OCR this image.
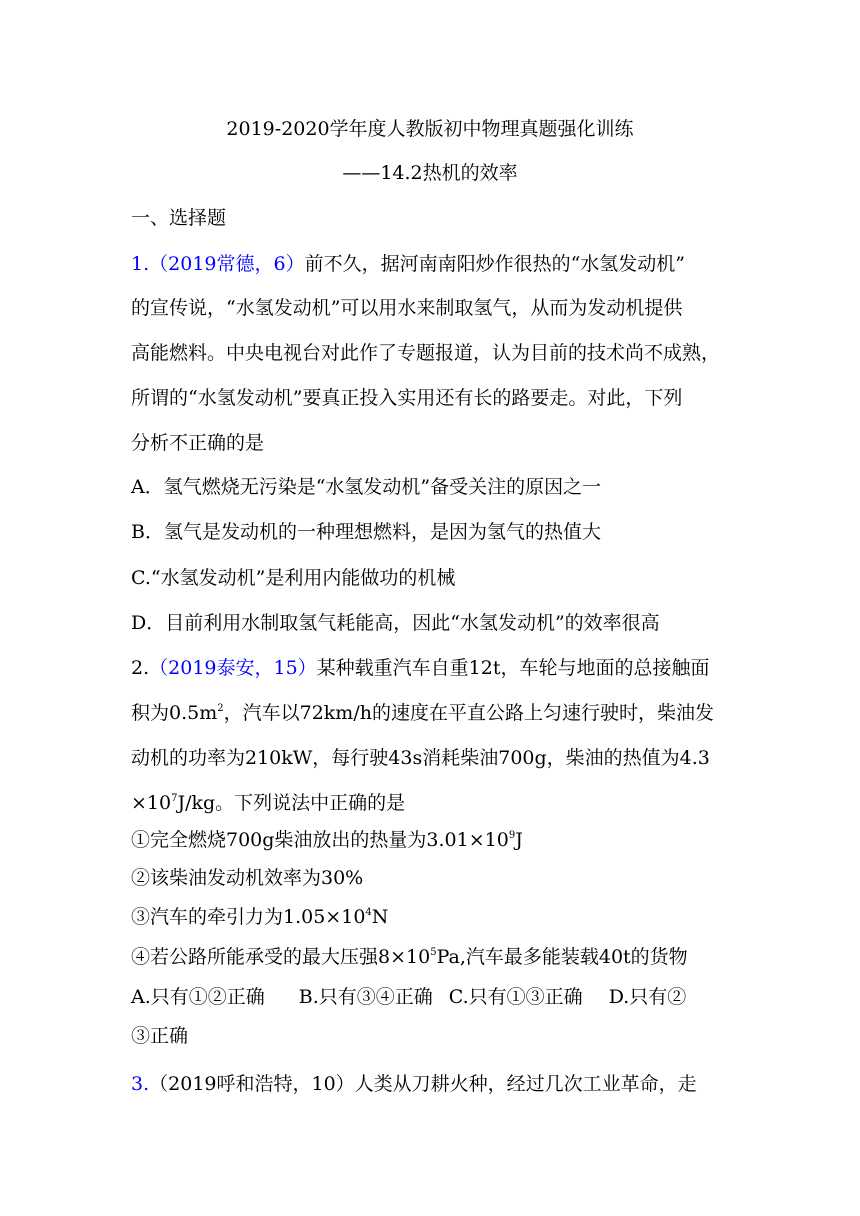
2019-2020学年度人教版初中物理真题强化训练
——14.2热机的效率
一、选择题
1.（2019常德，6）前不久，据河南南阳炒作很热的“水氢发动机”
的宣传说，“水氢发动机”可以用水来制取氢气，从而为发动机提供
高能燃料。中央电视台对此作了专题报道，认为目前的技术尚不成熟，
所谓的“水氢发动机”要真正投入实用还有长的路要走。对此，下列
分析不正确的是
A．氢气燃烧无污染是“水氢发动机”备受关注的原因之一
B．氢气是发动机的一种理想燃料，是因为氢气的热值大
C.“水氢发动机”是利用内能做功的机械
D．目前利用水制取氢气耗能高，因此“水氢发动机”的效率很高
2.（2019泰安，15）某种载重汽车自重12t，车轮与地面的总接触面
积为$0.5m^2$，汽车以72km/h的速度在平直公路上匀速行驶时，柴油发
动机的功率为210kW，每行驶43s消耗柴油700g，柴油的热值为4.3
$\times 10^7J/kg$。下列说法中正确的是
①完全燃烧700g柴油放出的热量为$3.01\times 10^9J$
②该柴油发动机效率为30%
③汽车的牵引力为$1.05\times 10^4N$
④若公路所能承受的最大压强$8\times 10^5Pa$,汽车最多能装载40t的货物
A.只有①②正确 B.只有③④正确 C.只有①③正确 D.只有②
③正确
3.（2019呼和浩特，10）人类从刀耕火种，经过几次工业革命，走
